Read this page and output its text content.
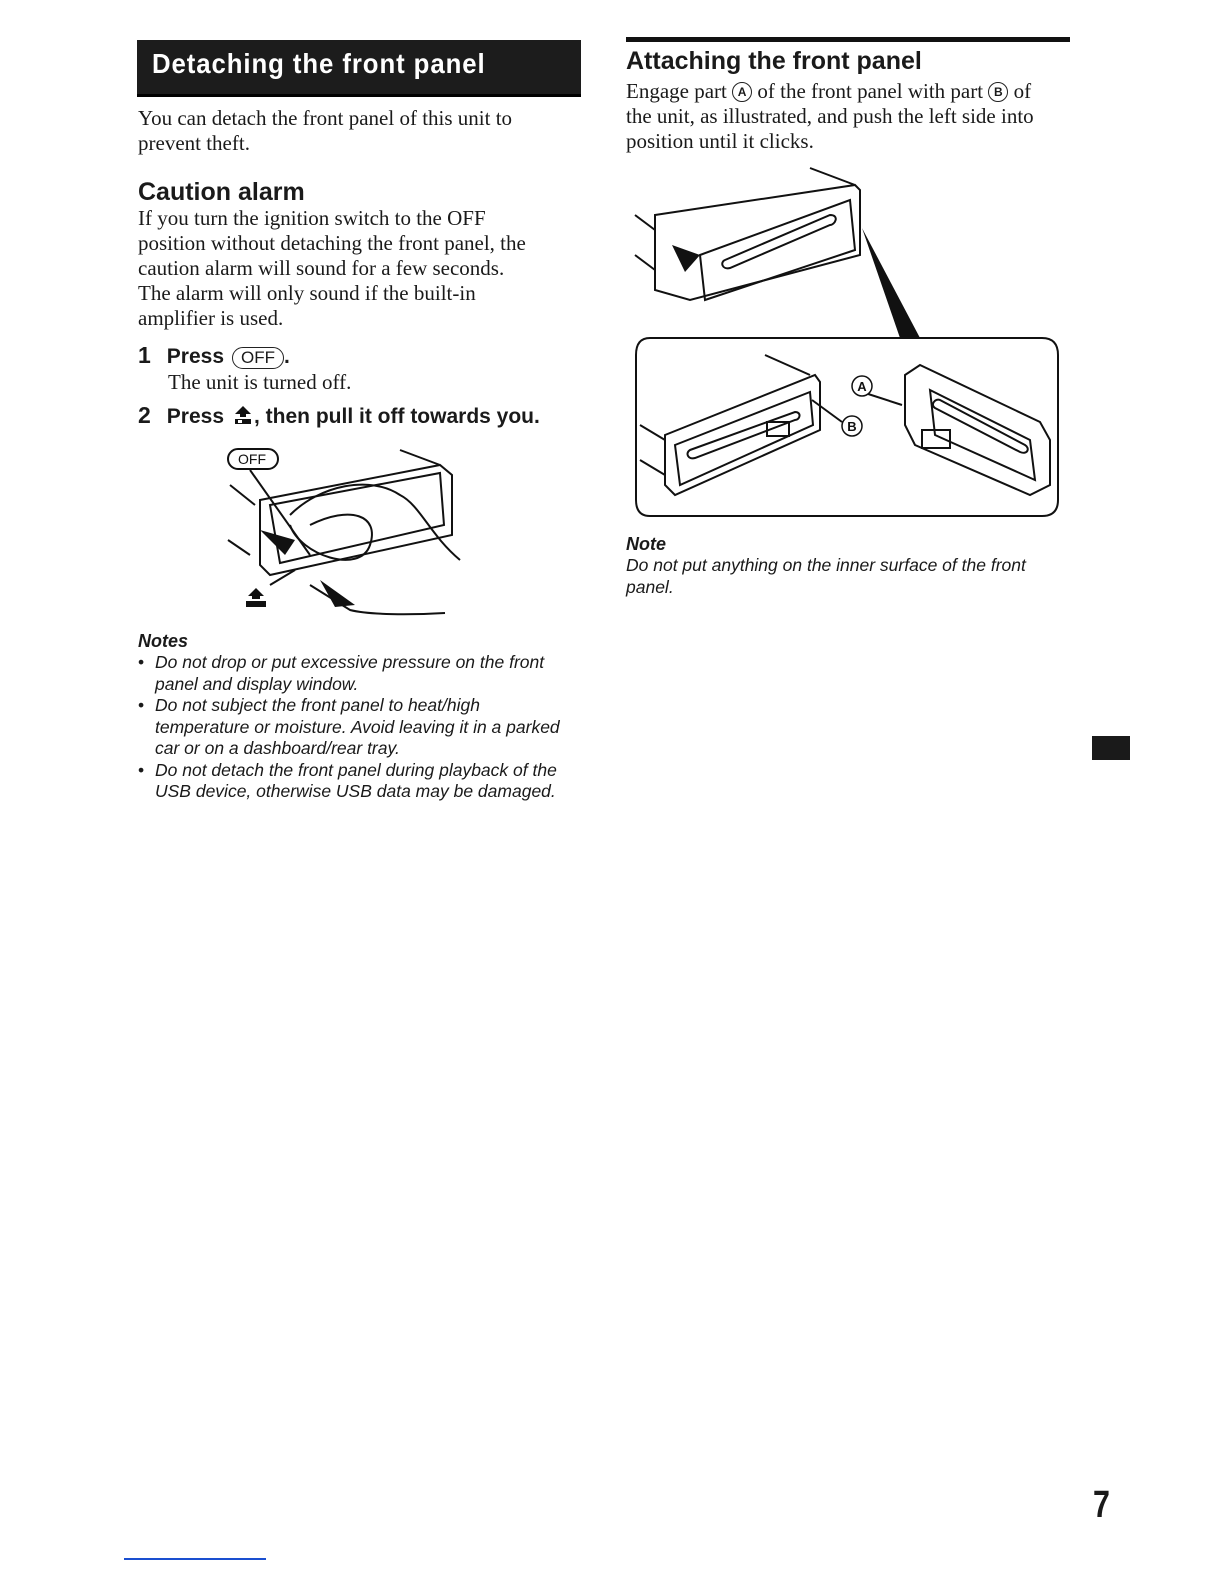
Detaching the front panel
You can detach the front panel of this unit to
prevent theft.
Caution alarm
If you turn the ignition switch to the OFF
position without detaching the front panel, the
caution alarm will sound for a few seconds.
The alarm will only sound if the built-in
amplifier is used.
1 Press OFF .
The unit is turned off.
2 Press , then pull it off towards you.
OFF
Notes
• Do not drop or put excessive pressure on the front
panel and display window.
• Do not subject the front panel to heat/high
temperature or moisture. Avoid leaving it in a parked
car or on a dashboard/rear tray.
• Do not detach the front panel during playback of the
USB device, otherwise USB data may be damaged.
Attaching the front panel
Engage part A of the front panel with part B of
the unit, as illustrated, and push the left side into
position until it clicks.
A
B
Note
Do not put anything on the inner surface of the front
panel.
7
